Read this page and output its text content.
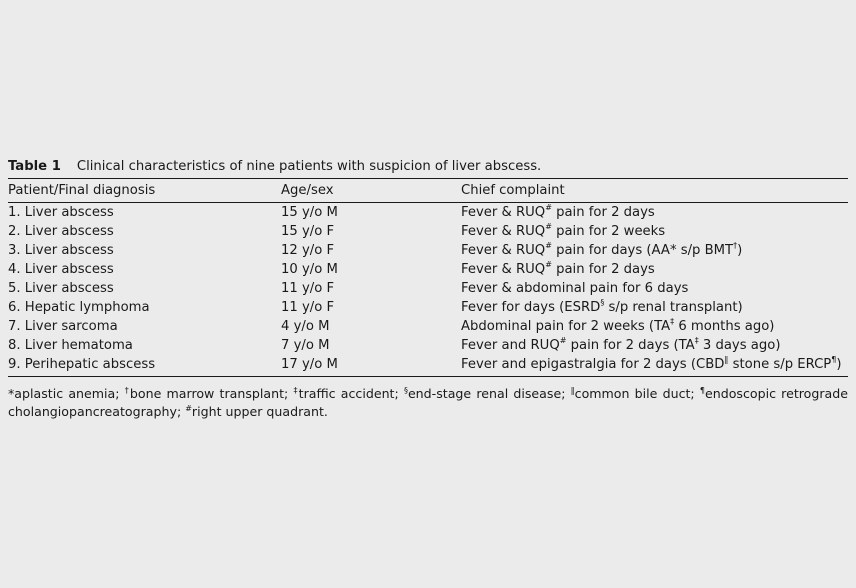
Table 1 Clinical characteristics of nine patients with suspicion of liver abscess.
Patient/Final diagnosis	Age/sex	Chief complaint

1. Liver abscess	15 y/o M	Fever & RUQ# pain for 2 days
2. Liver abscess	15 y/o F	Fever & RUQ# pain for 2 weeks
3. Liver abscess	12 y/o F	Fever & RUQ# pain for days (AA* s/p BMT†)
4. Liver abscess	10 y/o M	Fever & RUQ# pain for 2 days
5. Liver abscess	11 y/o F	Fever & abdominal pain for 6 days
6. Hepatic lymphoma	11 y/o F	Fever for days (ESRD§ s/p renal transplant)
7. Liver sarcoma	4 y/o M	Abdominal pain for 2 weeks (TA‡ 6 months ago)
8. Liver hematoma	7 y/o M	Fever and RUQ# pain for 2 days (TA‡ 3 days ago)
9. Perihepatic abscess	17 y/o M	Fever and epigastralgia for 2 days (CBD‖ stone s/p ERCP¶)
*aplastic anemia; †bone marrow transplant; ‡traffic accident; §end-stage renal disease; ‖common bile duct; ¶endoscopic retrograde cholangiopancreatography; #right upper quadrant.
